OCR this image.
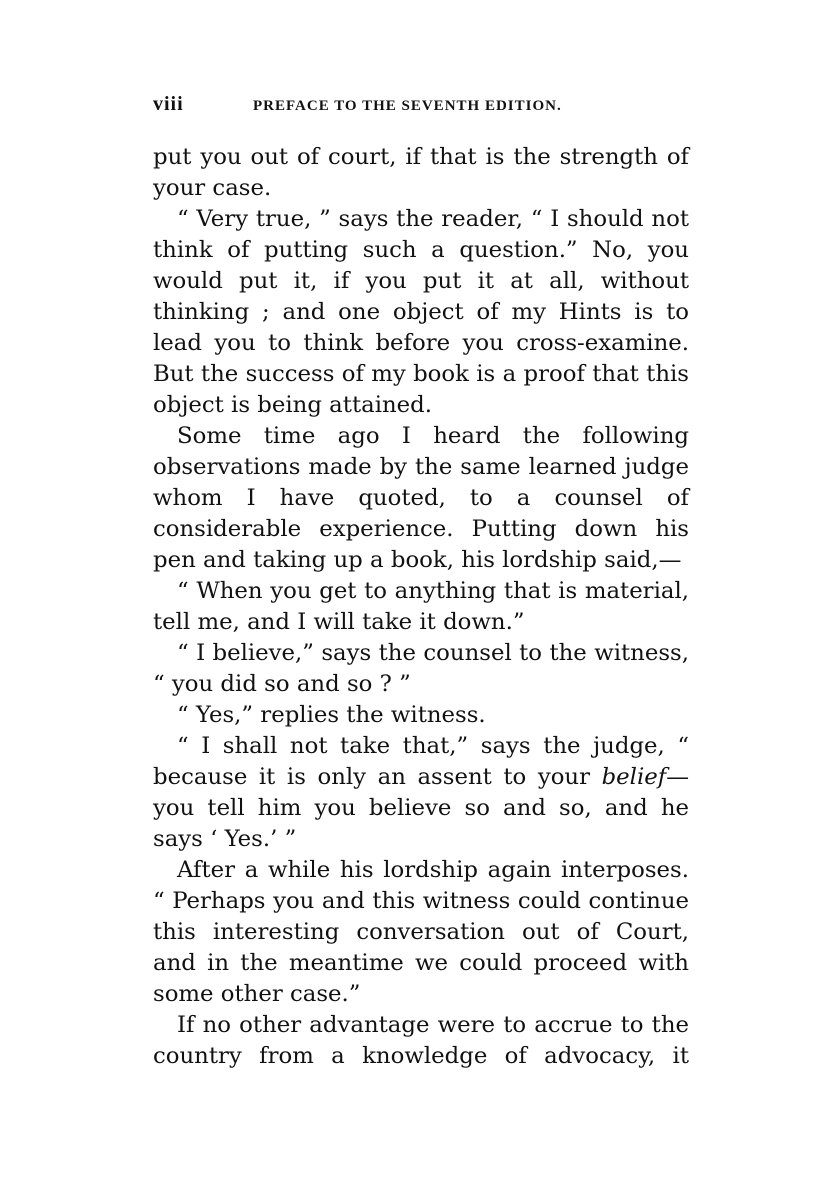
viii	PREFACE TO THE SEVENTH EDITION.

put you out of court, if that is the strength of your case.

“ Very true, ” says the reader, “ I should not think of putting such a question.” No, you would put it, if you put it at all, without thinking ; and one object of my Hints is to lead you to think before you cross-examine. But the success of my book is a proof that this object is being attained.

Some time ago I heard the following observations made by the same learned judge whom I have quoted, to a counsel of considerable experience. Putting down his pen and taking up a book, his lordship said,—

“ When you get to anything that is material, tell me, and I will take it down.”

“ I believe,” says the counsel to the witness, “ you did so and so ? ”

“ Yes,” replies the witness.

“ I shall not take that,” says the judge, “ because it is only an assent to your belief— you tell him you believe so and so, and he says ‘ Yes.’ ”

After a while his lordship again interposes. “ Perhaps you and this witness could continue this interesting conversation out of Court, and in the meantime we could proceed with some other case.”

If no other advantage were to accrue to the country from a knowledge of advocacy, it
